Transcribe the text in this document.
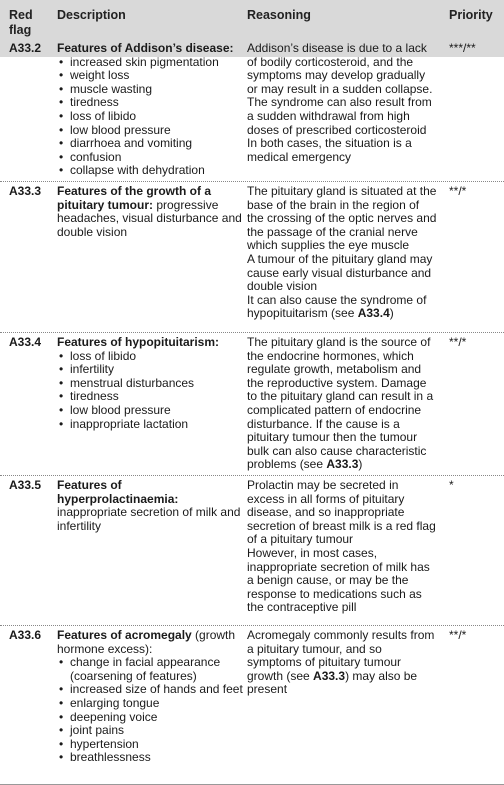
Red flag
Description	Reasoning	Priority
A33.2 Features of Addison’s disease:
• increased skin pigmentation
• weight loss
• muscle wasting
• tiredness
• loss of libido
• low blood pressure
• diarrhoea and vomiting
• confusion
• collapse with dehydration

Addison’s disease is due to a lack of bodily corticosteroid, and the symptoms may develop gradually or may result in a sudden collapse. The syndrome can also result from a sudden withdrawal from high doses of prescribed corticosteroid

In both cases, the situation is a medical emergency

***/**
A33.3 Features of the growth of a pituitary tumour: progressive headaches, visual disturbance and double vision

The pituitary gland is situated at the base of the brain in the region of the crossing of the optic nerves and the passage of the cranial nerve which supplies the eye muscle

A tumour of the pituitary gland may cause early visual disturbance and double vision

It can also cause the syndrome of hypopituitarism (see A33.4)

**/*
A33.4 Features of hypopituitarism:
• loss of libido
• infertility
• menstrual disturbances
• tiredness
• low blood pressure
• inappropriate lactation

The pituitary gland is the source of the endocrine hormones, which regulate growth, metabolism and the reproductive system. Damage to the pituitary gland can result in a complicated pattern of endocrine disturbance. If the cause is a pituitary tumour then the tumour bulk can also cause characteristic problems (see A33.3)

**/*
A33.5 Features of hyperprolactinaemia: inappropriate secretion of milk and infertility

Prolactin may be secreted in excess in all forms of pituitary disease, and so inappropriate secretion of breast milk is a red flag of a pituitary tumour

However, in most cases, inappropriate secretion of milk has a benign cause, or may be the response to medications such as the contraceptive pill

*
A33.6 Features of acromegaly (growth hormone excess):
• change in facial appearance (coarsening of features)
• increased size of hands and feet
• enlarging tongue
• deepening voice
• joint pains
• hypertension
• breathlessness

Acromegaly commonly results from a pituitary tumour, and so symptoms of pituitary tumour growth (see A33.3) may also be present

**/*
